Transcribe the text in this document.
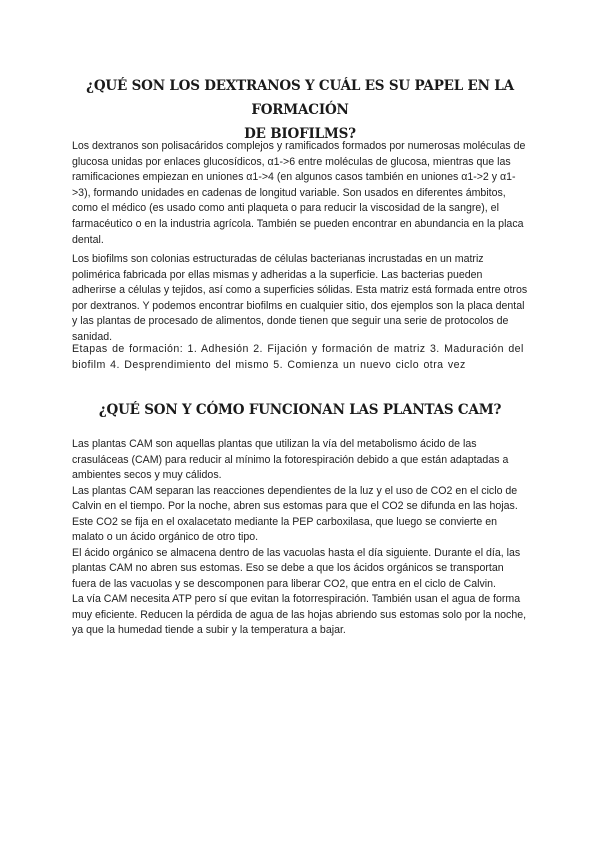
¿QUÉ SON LOS DEXTRANOS Y CUÁL ES SU PAPEL EN LA FORMACIÓN
DE BIOFILMS?

Los dextranos son polisacáridos complejos y ramificados formados por numerosas moléculas de glucosa unidas por enlaces glucosídicos, α1->6 entre moléculas de glucosa, mientras que las ramificaciones empiezan en uniones α1->4 (en algunos casos también en uniones α1->2 y α1->3), formando unidades en cadenas de longitud variable. Son usados en diferentes ámbitos, como el médico (es usado como anti plaqueta o para reducir la viscosidad de la sangre), el farmacéutico o en la industria agrícola. También se pueden encontrar en abundancia en la placa dental.

Los biofilms son colonias estructuradas de células bacterianas incrustadas en un matriz polimérica fabricada por ellas mismas y adheridas a la superficie. Las bacterias pueden adherirse a células y tejidos, así como a superficies sólidas. Esta matriz está formada entre otros por dextranos. Y podemos encontrar biofilms en cualquier sitio, dos ejemplos son la placa dental y las plantas de procesado de alimentos, donde tienen que seguir una serie de protocolos de sanidad.

Etapas de formación: 1. Adhesión 2. Fijación y formación de matriz 3. Maduración del biofilm 4. Desprendimiento del mismo 5. Comienza un nuevo ciclo otra vez

¿QUÉ SON Y CÓMO FUNCIONAN LAS PLANTAS CAM?

Las plantas CAM son aquellas plantas que utilizan la vía del metabolismo ácido de las crasuláceas (CAM) para reducir al mínimo la fotorespiración debido a que están adaptadas a ambientes secos y muy cálidos.

Las plantas CAM separan las reacciones dependientes de la luz y el uso de CO2 en el ciclo de Calvin en el tiempo. Por la noche, abren sus estomas para que el CO2 se difunda en las hojas. Este CO2 se fija en el oxalacetato mediante la PEP carboxilasa, que luego se convierte en malato o un ácido orgánico de otro tipo.

El ácido orgánico se almacena dentro de las vacuolas hasta el día siguiente. Durante el día, las plantas CAM no abren sus estomas. Eso se debe a que los ácidos orgánicos se transportan fuera de las vacuolas y se descomponen para liberar CO2, que entra en el ciclo de Calvin.

La vía CAM necesita ATP pero sí que evitan la fotorrespiración. También usan el agua de forma muy eficiente. Reducen la pérdida de agua de las hojas abriendo sus estomas solo por la noche, ya que la humedad tiende a subir y la temperatura a bajar.
